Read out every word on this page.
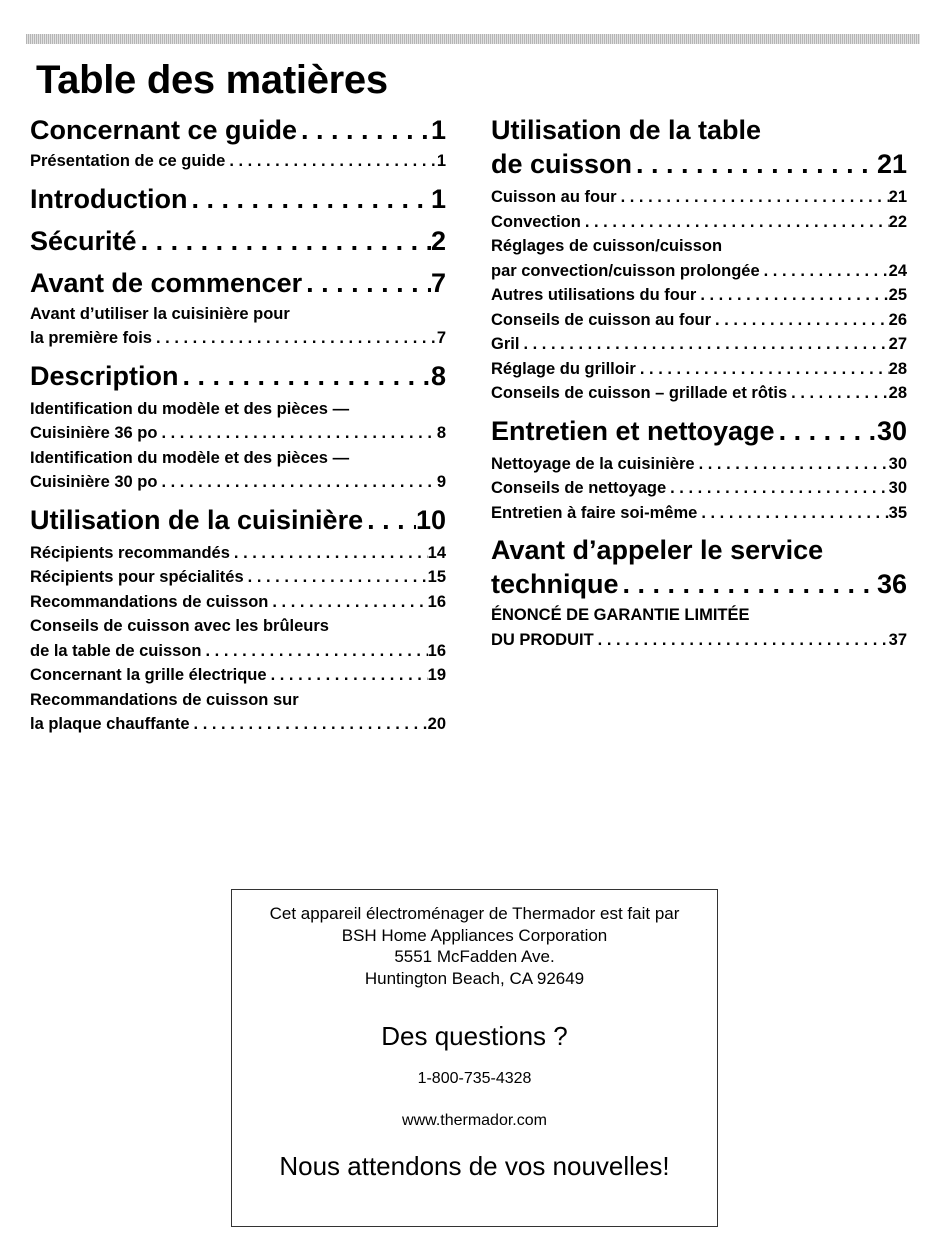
Table des matières
Concernant ce guide . . .	1
Présentation de ce guide . . .	1
Introduction . . .	1
Sécurité . . .	2
Avant de commencer . . .	7
Avant d’utiliser la cuisinière pour
la première fois . . .	7
Description . . .	8
Identification du modèle et des pièces —
Cuisinière 36 po . . .	8
Identification du modèle et des pièces —
Cuisinière 30 po . . .	9
Utilisation de la cuisinière . . . 10
Récipients recommandés . . .	14
Récipients pour spécialités . . .	15
Recommandations de cuisson . . .	16
Conseils de cuisson avec les brûleurs
de la table de cuisson . . .	16
Concernant la grille électrique . . .	19
Recommandations de cuisson sur
la plaque chauffante . . .	20
Utilisation de la table
de cuisson . . .	21
Cuisson au four . . .	21
Convection . . .	22
Réglages de cuisson/cuisson
par convection/cuisson prolongée . . .	24
Autres utilisations du four . . .	25
Conseils de cuisson au four . . .	26
Gril . . .	27
Réglage du grilloir . . .	28
Conseils de cuisson – grillade et rôtis . . .	28
Entretien et nettoyage . . .	30
Nettoyage de la cuisinière . . .	30
Conseils de nettoyage . . .	30
Entretien à faire soi-même . . .	35
Avant d’appeler le service
technique . . .	36
ÉNONCÉ DE GARANTIE LIMITÉE
DU PRODUIT . . .	37
Cet appareil électroménager de Thermador est fait par
BSH Home Appliances Corporation
5551 McFadden Ave.
Huntington Beach, CA 92649
Des questions ?
1-800-735-4328
www.thermador.com
Nous attendons de vos nouvelles!
